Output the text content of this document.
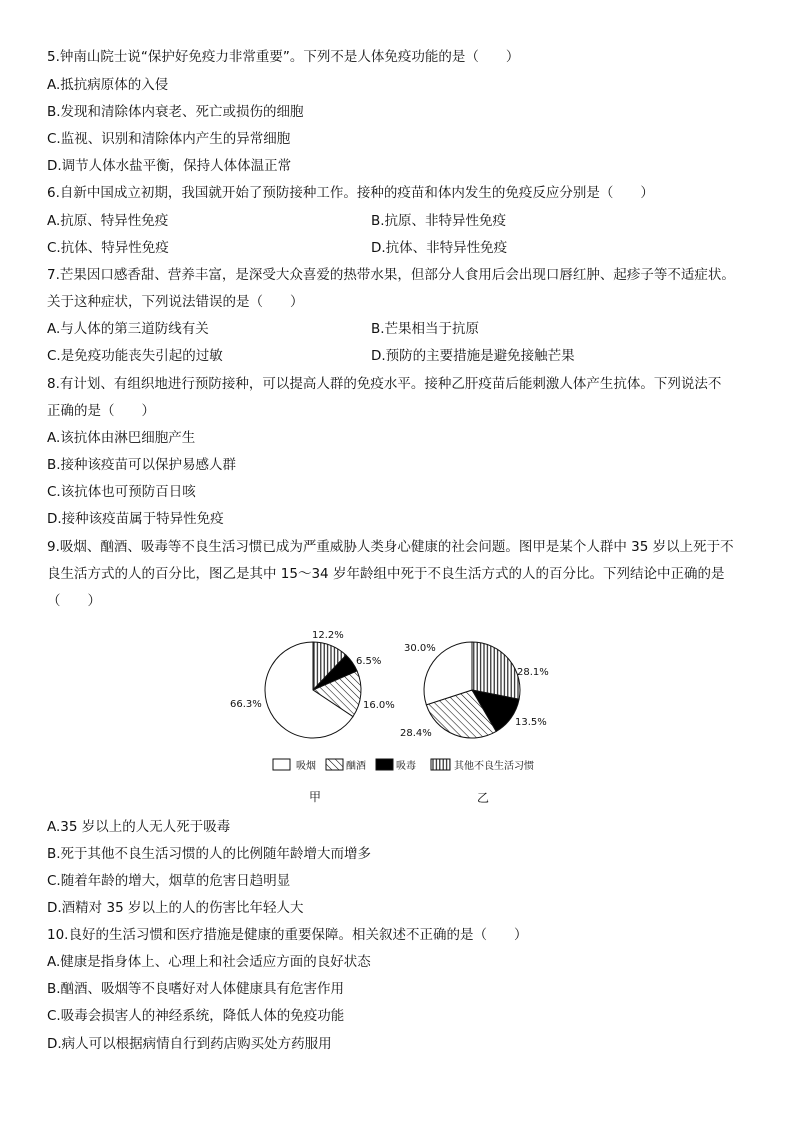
5.钟南山院士说“保护好免疫力非常重要”。下列不是人体免疫功能的是（　　）
A.抵抗病原体的入侵
B.发现和清除体内衰老、死亡或损伤的细胞
C.监视、识别和清除体内产生的异常细胞
D.调节人体水盐平衡，保持人体体温正常
6.自新中国成立初期，我国就开始了预防接种工作。接种的疫苗和体内发生的免疫反应分别是（　　）
A.抗原、特异性免疫	B.抗原、非特异性免疫
C.抗体、特异性免疫	D.抗体、非特异性免疫
7.芒果因口感香甜、营养丰富，是深受大众喜爱的热带水果，但部分人食用后会出现口唇红肿、起疹子等不适症状。
关于这种症状，下列说法错误的是（　　）
A.与人体的第三道防线有关	B.芒果相当于抗原
C.是免疫功能丧失引起的过敏	D.预防的主要措施是避免接触芒果
8.有计划、有组织地进行预防接种，可以提高人群的免疫水平。接种乙肝疫苗后能刺激人体产生抗体。下列说法不
正确的是（　　）
A.该抗体由淋巴细胞产生
B.接种该疫苗可以保护易感人群
C.该抗体也可预防百日咳
D.接种该疫苗属于特异性免疫
9.吸烟、酗酒、吸毒等不良生活习惯已成为严重威胁人类身心健康的社会问题。图甲是某个人群中 35 岁以上死于不
良生活方式的人的百分比，图乙是其中 15～34 岁年龄组中死于不良生活方式的人的百分比。下列结论中正确的是
（　　）
66.3%	16.0%
6.5%
12.2%
30.0%
28.4%
13.5%
28.1%
吸烟	酗酒	吸毒	其他不良生活习惯
甲	乙
A.35 岁以上的人无人死于吸毒
B.死于其他不良生活习惯的人的比例随年龄增大而增多
C.随着年龄的增大，烟草的危害日趋明显
D.酒精对 35 岁以上的人的伤害比年轻人大
10.良好的生活习惯和医疗措施是健康的重要保障。相关叙述不正确的是（　　）
A.健康是指身体上、心理上和社会适应方面的良好状态
B.酗酒、吸烟等不良嗜好对人体健康具有危害作用
C.吸毒会损害人的神经系统，降低人体的免疫功能
D.病人可以根据病情自行到药店购买处方药服用
